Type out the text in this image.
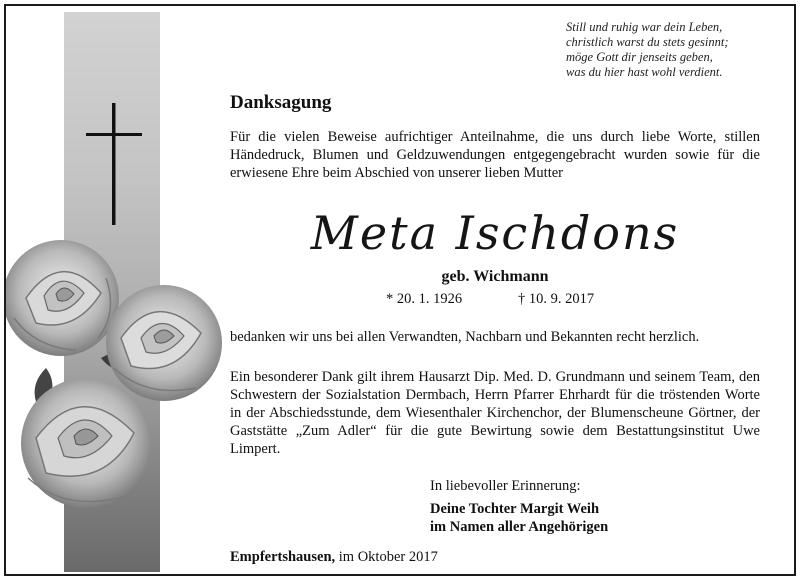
Still und ruhig war dein Leben,
christlich warst du stets gesinnt;
möge Gott dir jenseits geben,
was du hier hast wohl verdient.
Danksagung
Für die vielen Beweise aufrichtiger Anteilnahme, die uns durch liebe Worte, stillen Händedruck, Blumen und Geldzuwendungen entgegengebracht wurden sowie für die erwiesene Ehre beim Abschied von unserer lieben Mutter
Meta Ischdons
geb. Wichmann
* 20. 1. 1926	† 10. 9. 2017
bedanken wir uns bei allen Verwandten, Nachbarn und Bekannten recht herzlich.
Ein besonderer Dank gilt ihrem Hausarzt Dip. Med. D. Grundmann und seinem Team, den Schwestern der Sozialstation Dermbach, Herrn Pfarrer Ehrhardt für die tröstenden Worte in der Abschiedsstunde, dem Wiesenthaler Kirchenchor, der Blumenscheune Görtner, der Gaststätte „Zum Adler“ für die gute Bewirtung sowie dem Bestattungsinstitut Uwe Limpert.
In liebevoller Erinnerung:
Deine Tochter Margit Weih
im Namen aller Angehörigen
Empfertshausen, im Oktober 2017
